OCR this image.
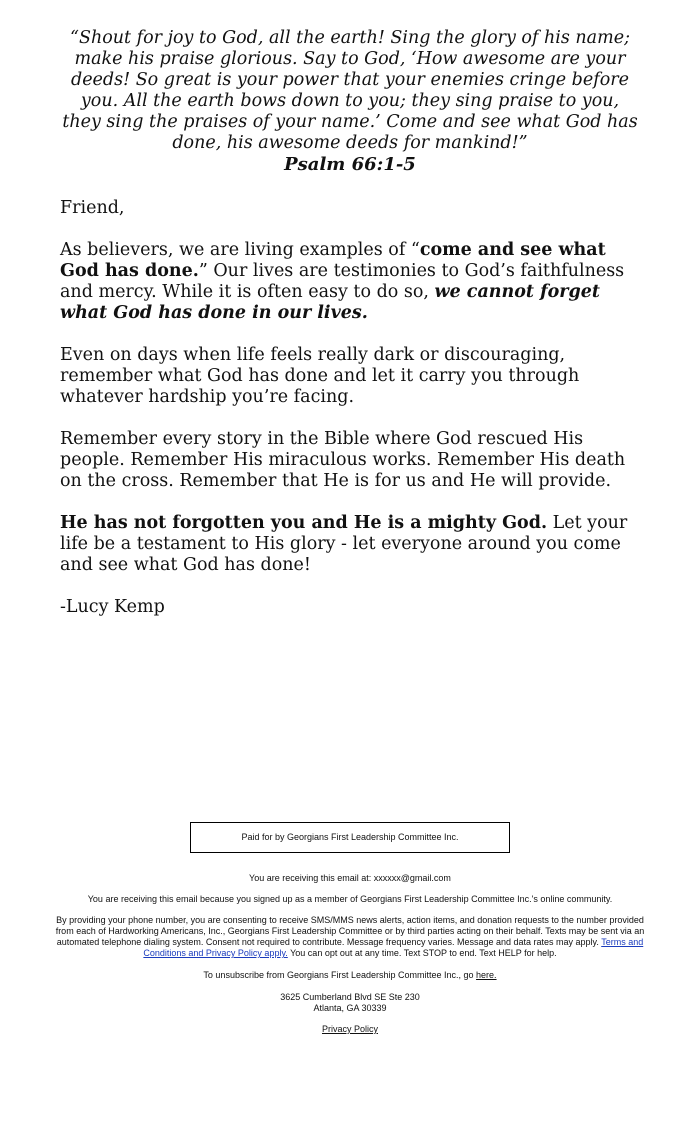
“Shout for joy to God, all the earth! Sing the glory of his name; make his praise glorious. Say to God, ‘How awesome are your deeds! So great is your power that your enemies cringe before you. All the earth bows down to you; they sing praise to you, they sing the praises of your name.’ Come and see what God has done, his awesome deeds for mankind!”

Psalm 66:1-5

Friend,

As believers, we are living examples of “come and see what God has done.” Our lives are testimonies to God’s faithfulness and mercy. While it is often easy to do so, we cannot forget what God has done in our lives.

Even on days when life feels really dark or discouraging, remember what God has done and let it carry you through whatever hardship you’re facing.

Remember every story in the Bible where God rescued His people. Remember His miraculous works. Remember His death on the cross. Remember that He is for us and He will provide.

He has not forgotten you and He is a mighty God. Let your life be a testament to His glory - let everyone around you come and see what God has done!

-Lucy Kemp

Paid for by Georgians First Leadership Committee Inc.

You are receiving this email at: xxxxxx@gmail.com

You are receiving this email because you signed up as a member of Georgians First Leadership Committee Inc.'s online community.

By providing your phone number, you are consenting to receive SMS/MMS news alerts, action items, and donation requests to the number provided from each of Hardworking Americans, Inc., Georgians First Leadership Committee or by third parties acting on their behalf. Texts may be sent via an automated telephone dialing system. Consent not required to contribute. Message frequency varies. Message and data rates may apply. Terms and Conditions and Privacy Policy apply. You can opt out at any time. Text STOP to end. Text HELP for help.

To unsubscribe from Georgians First Leadership Committee Inc., go here.

3625 Cumberland Blvd SE Ste 230

Atlanta, GA 30339

Privacy Policy
